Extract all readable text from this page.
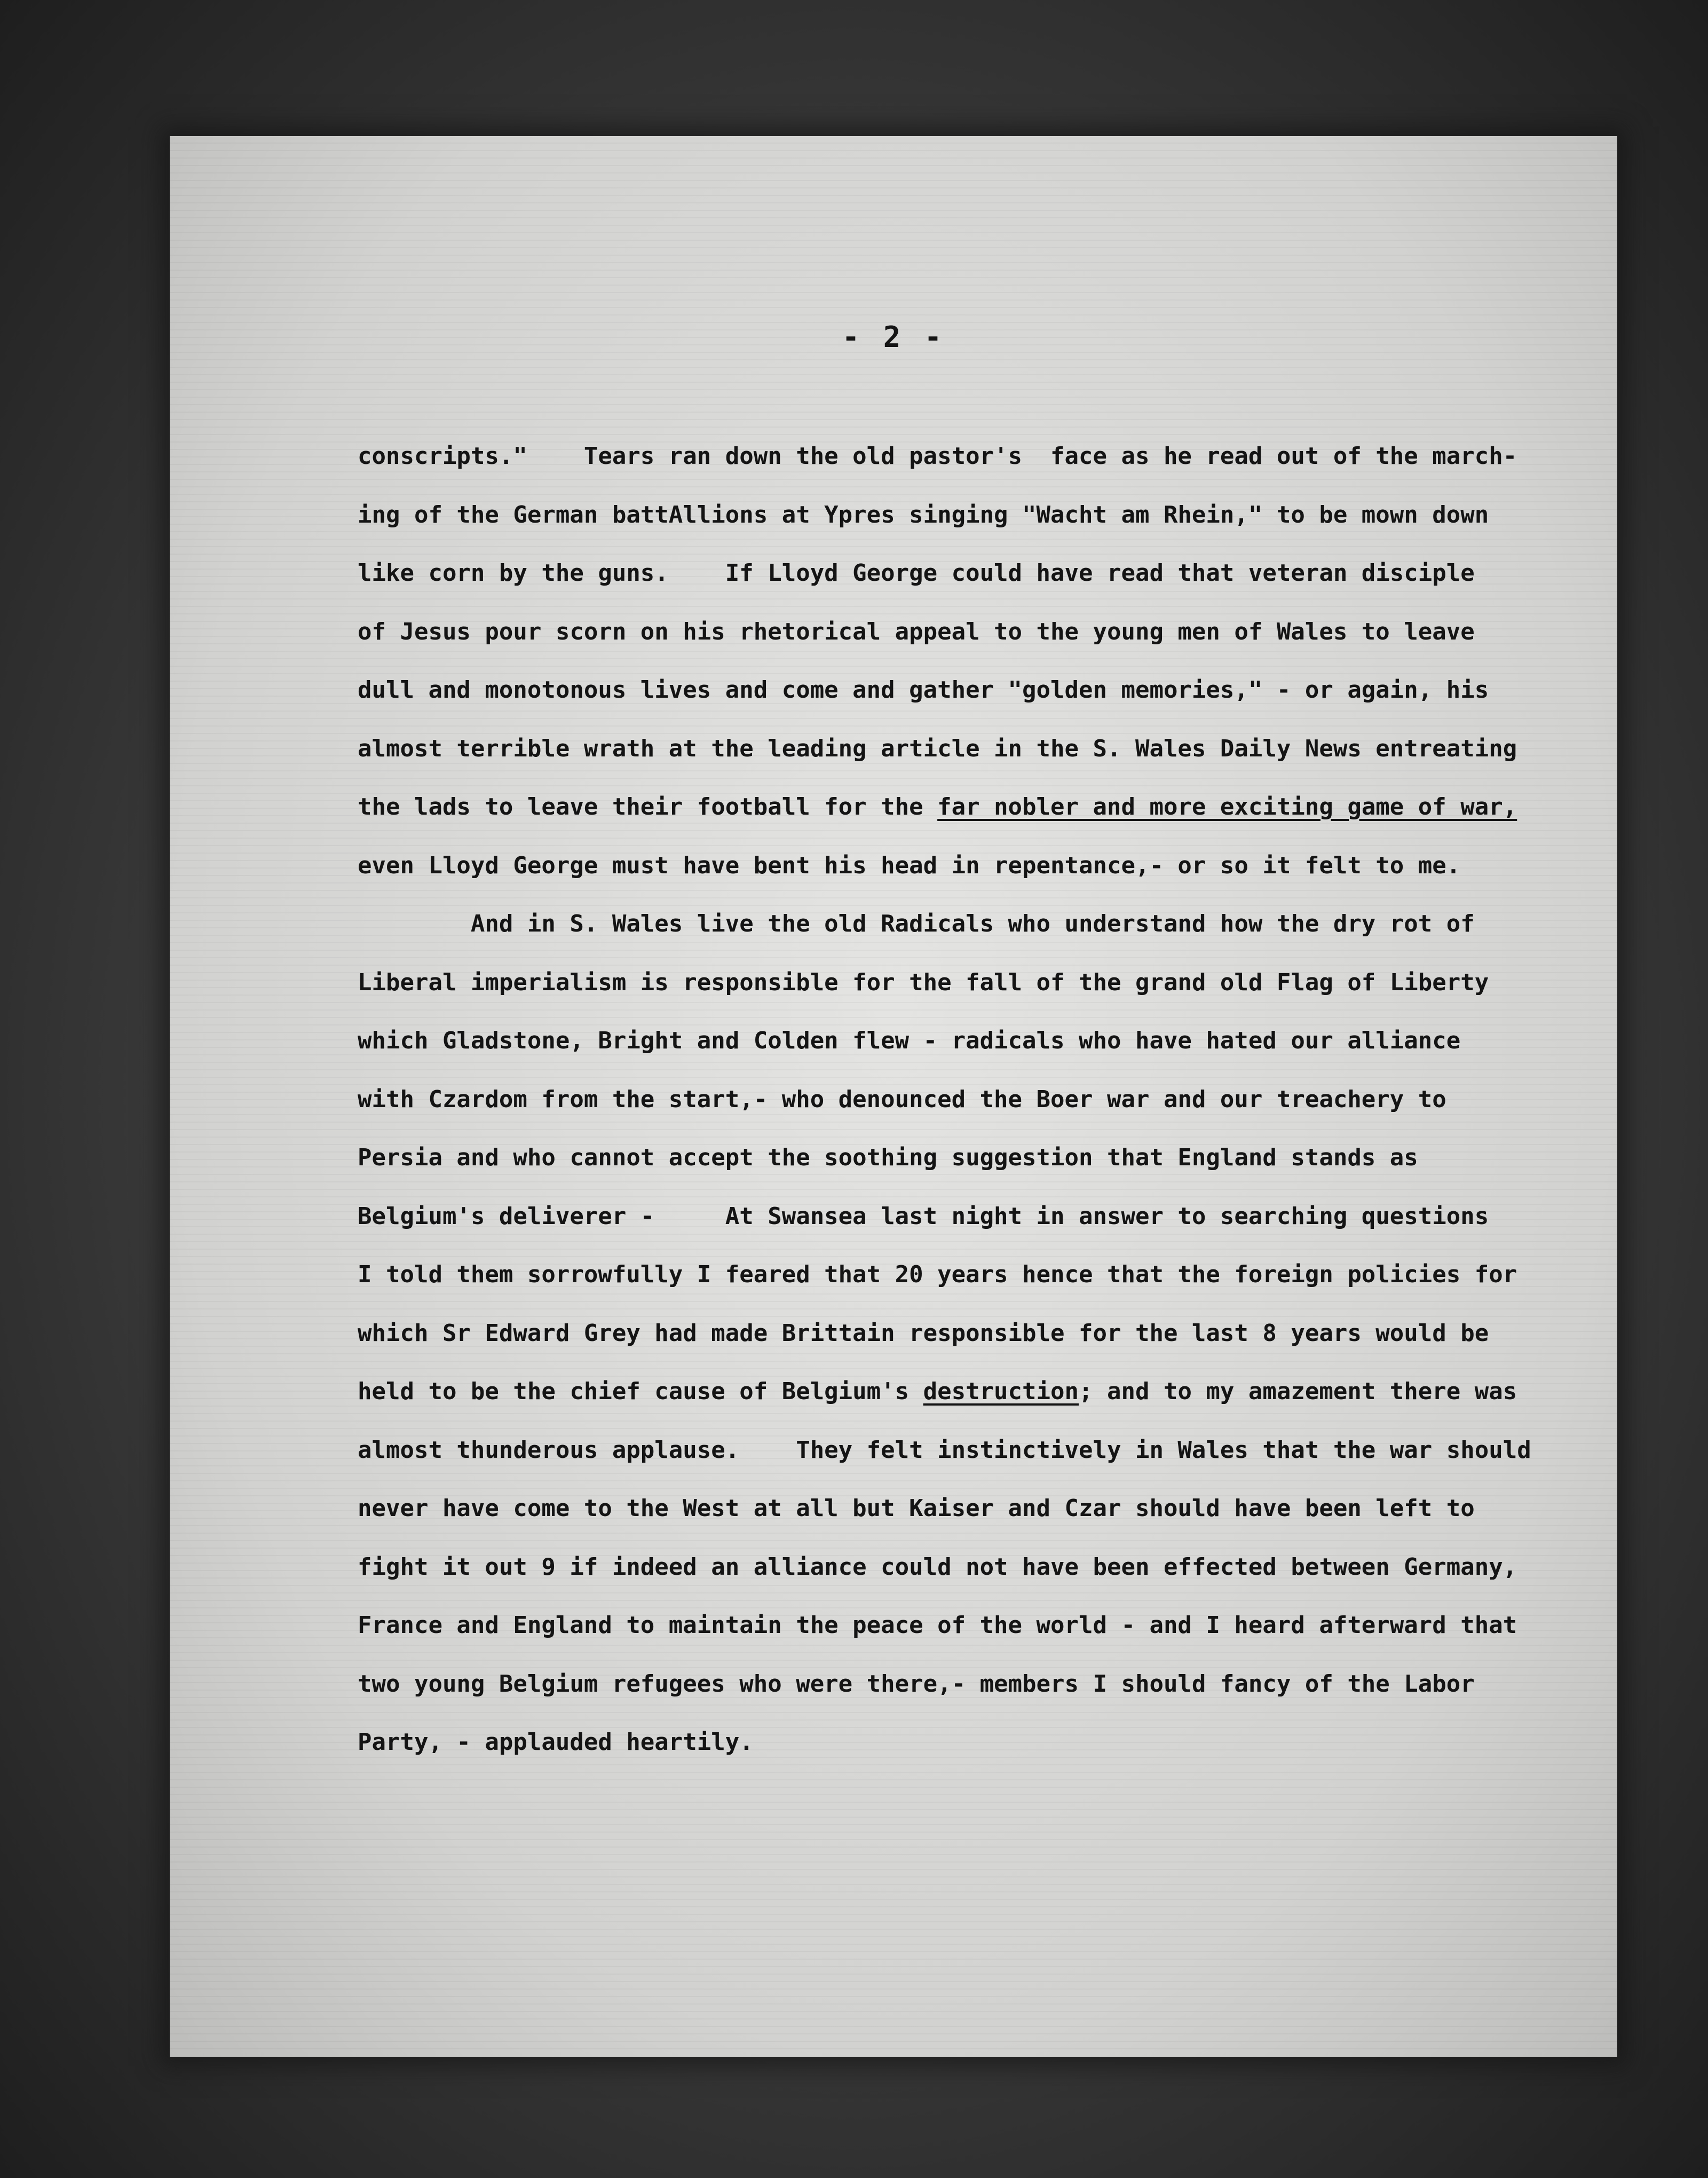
- 2 -
conscripts."    Tears ran down the old pastor's  face as he read out of the march-
ing of the German battAllions at Ypres singing "Wacht am Rhein," to be mown down
like corn by the guns.    If Lloyd George could have read that veteran disciple
of Jesus pour scorn on his rhetorical appeal to the young men of Wales to leave
dull and monotonous lives and come and gather "golden memories," - or again, his
almost terrible wrath at the leading article in the S. Wales Daily News entreating
the lads to leave their football for the far nobler and more exciting game of war,
even Lloyd George must have bent his head in repentance,- or so it felt to me.
And in S. Wales live the old Radicals who understand how the dry rot of
Liberal imperialism is responsible for the fall of the grand old Flag of Liberty
which Gladstone, Bright and Colden flew - radicals who have hated our alliance
with Czardom from the start,- who denounced the Boer war and our treachery to
Persia and who cannot accept the soothing suggestion that England stands as
Belgium's deliverer -     At Swansea last night in answer to searching questions
I told them sorrowfully I feared that 20 years hence that the foreign policies for
which Sr Edward Grey had made Brittain responsible for the last 8 years would be
held to be the chief cause of Belgium's destruction; and to my amazement there was
almost thunderous applause.    They felt instinctively in Wales that the war should
never have come to the West at all but Kaiser and Czar should have been left to
fight it out 9 if indeed an alliance could not have been effected between Germany,
France and England to maintain the peace of the world - and I heard afterward that
two young Belgium refugees who were there,- members I should fancy of the Labor
Party, - applauded heartily.
